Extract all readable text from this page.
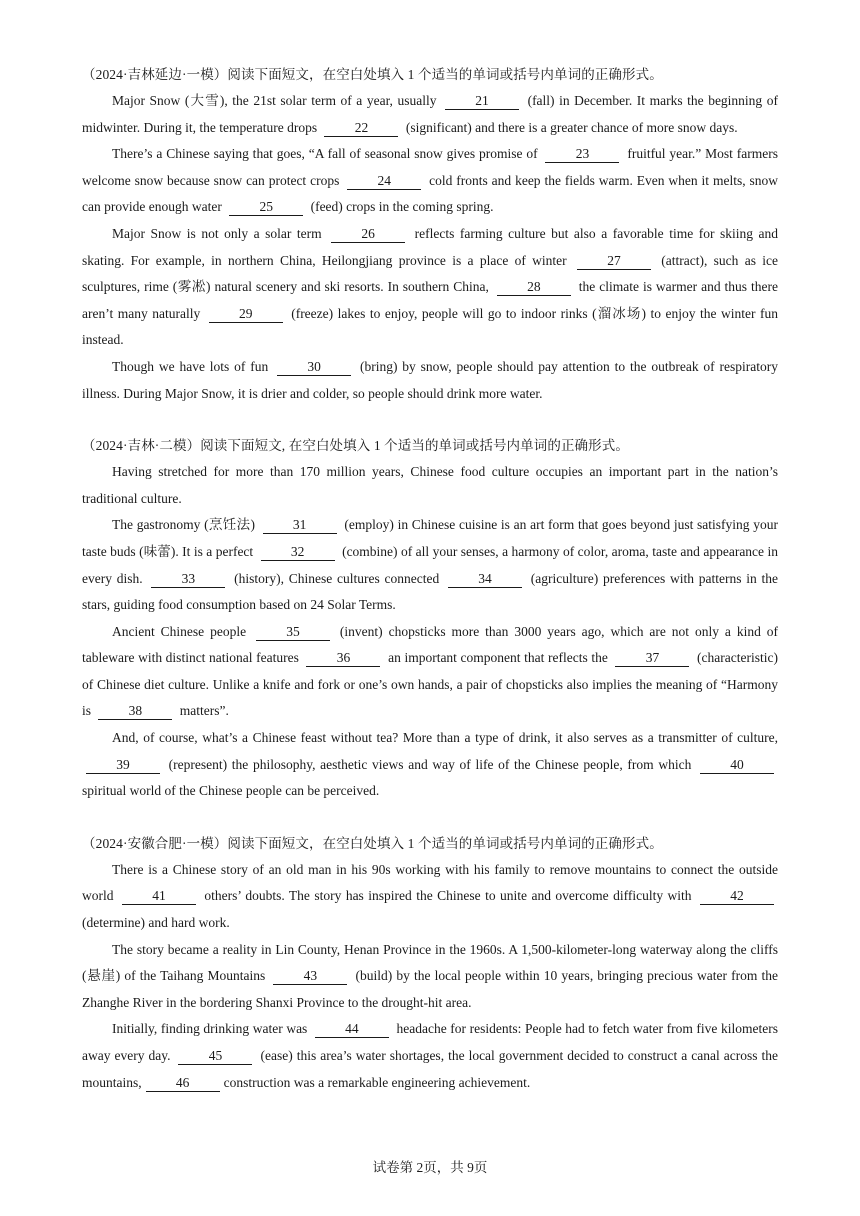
（2024·吉林延边·一模）阅读下面短文，在空白处填入 1 个适当的单词或括号内单词的正确形式。

Major Snow (大雪), the 21st solar term of a year, usually	21	(fall) in December. It marks the beginning of midwinter. During it, the temperature drops	22	(significant) and there is a greater chance of more snow days.

There’s a Chinese saying that goes, “A fall of seasonal snow gives promise of	23	fruitful year.” Most farmers welcome snow because snow can protect crops	24	cold fronts and keep the fields warm. Even when it melts, snow can provide enough water	25	(feed) crops in the coming spring.

Major Snow is not only a solar term	26	reflects farming culture but also a favorable time for skiing and skating. For example, in northern China, Heilongjiang province is a place of winter	27	(attract), such as ice sculptures, rime (雾凇) natural scenery and ski resorts. In southern China,	28	the climate is warmer and thus there aren’t many naturally	29	(freeze) lakes to enjoy, people will go to indoor rinks (溜冰场) to enjoy the winter fun instead.

Though we have lots of fun	30	(bring) by snow, people should pay attention to the outbreak of respiratory illness. During Major Snow, it is drier and colder, so people should drink more water.

（2024·吉林·二模）阅读下面短文, 在空白处填入 1 个适当的单词或括号内单词的正确形式。

Having stretched for more than 170 million years, Chinese food culture occupies an important part in the nation’s traditional culture.

The gastronomy (烹饪法)	31	(employ) in Chinese cuisine is an art form that goes beyond just satisfying your taste buds (味蕾). It is a perfect	32	(combine) of all your senses, a harmony of color, aroma, taste and appearance in every dish.	33	(history), Chinese cultures connected	34	(agriculture) preferences with patterns in the stars, guiding food consumption based on 24 Solar Terms.

Ancient Chinese people	35	(invent) chopsticks more than 3000 years ago, which are not only a kind of tableware with distinct national features	36	an important component that reflects the	37	(characteristic) of Chinese diet culture. Unlike a knife and fork or one’s own hands, a pair of chopsticks also implies the meaning of “Harmony is	38	matters”.

And, of course, what’s a Chinese feast without tea? More than a type of drink, it also serves as a transmitter of culture, 39	(represent) the philosophy, aesthetic views and way of life of the Chinese people, from which	40 spiritual world of the Chinese people can be perceived.

（2024·安徽合肥·一模）阅读下面短文，在空白处填入 1 个适当的单词或括号内单词的正确形式。

There is a Chinese story of an old man in his 90s working with his family to remove mountains to connect the outside world	41	others’ doubts. The story has inspired the Chinese to unite and overcome difficulty with	42 (determine) and hard work.

The story became a reality in Lin County, Henan Province in the 1960s. A 1,500-kilometer-long waterway along the cliffs (悬崖) of the Taihang Mountains	43	(build) by the local people within 10 years, bringing precious water from the Zhanghe River in the bordering Shanxi Province to the drought-hit area.

Initially, finding drinking water was	44	headache for residents: People had to fetch water from five kilometers away every day.	45	(ease) this area’s water shortages, the local government decided to construct a canal across the mountains,	46	construction was a remarkable engineering achievement.

试卷第 2页，共 9页
